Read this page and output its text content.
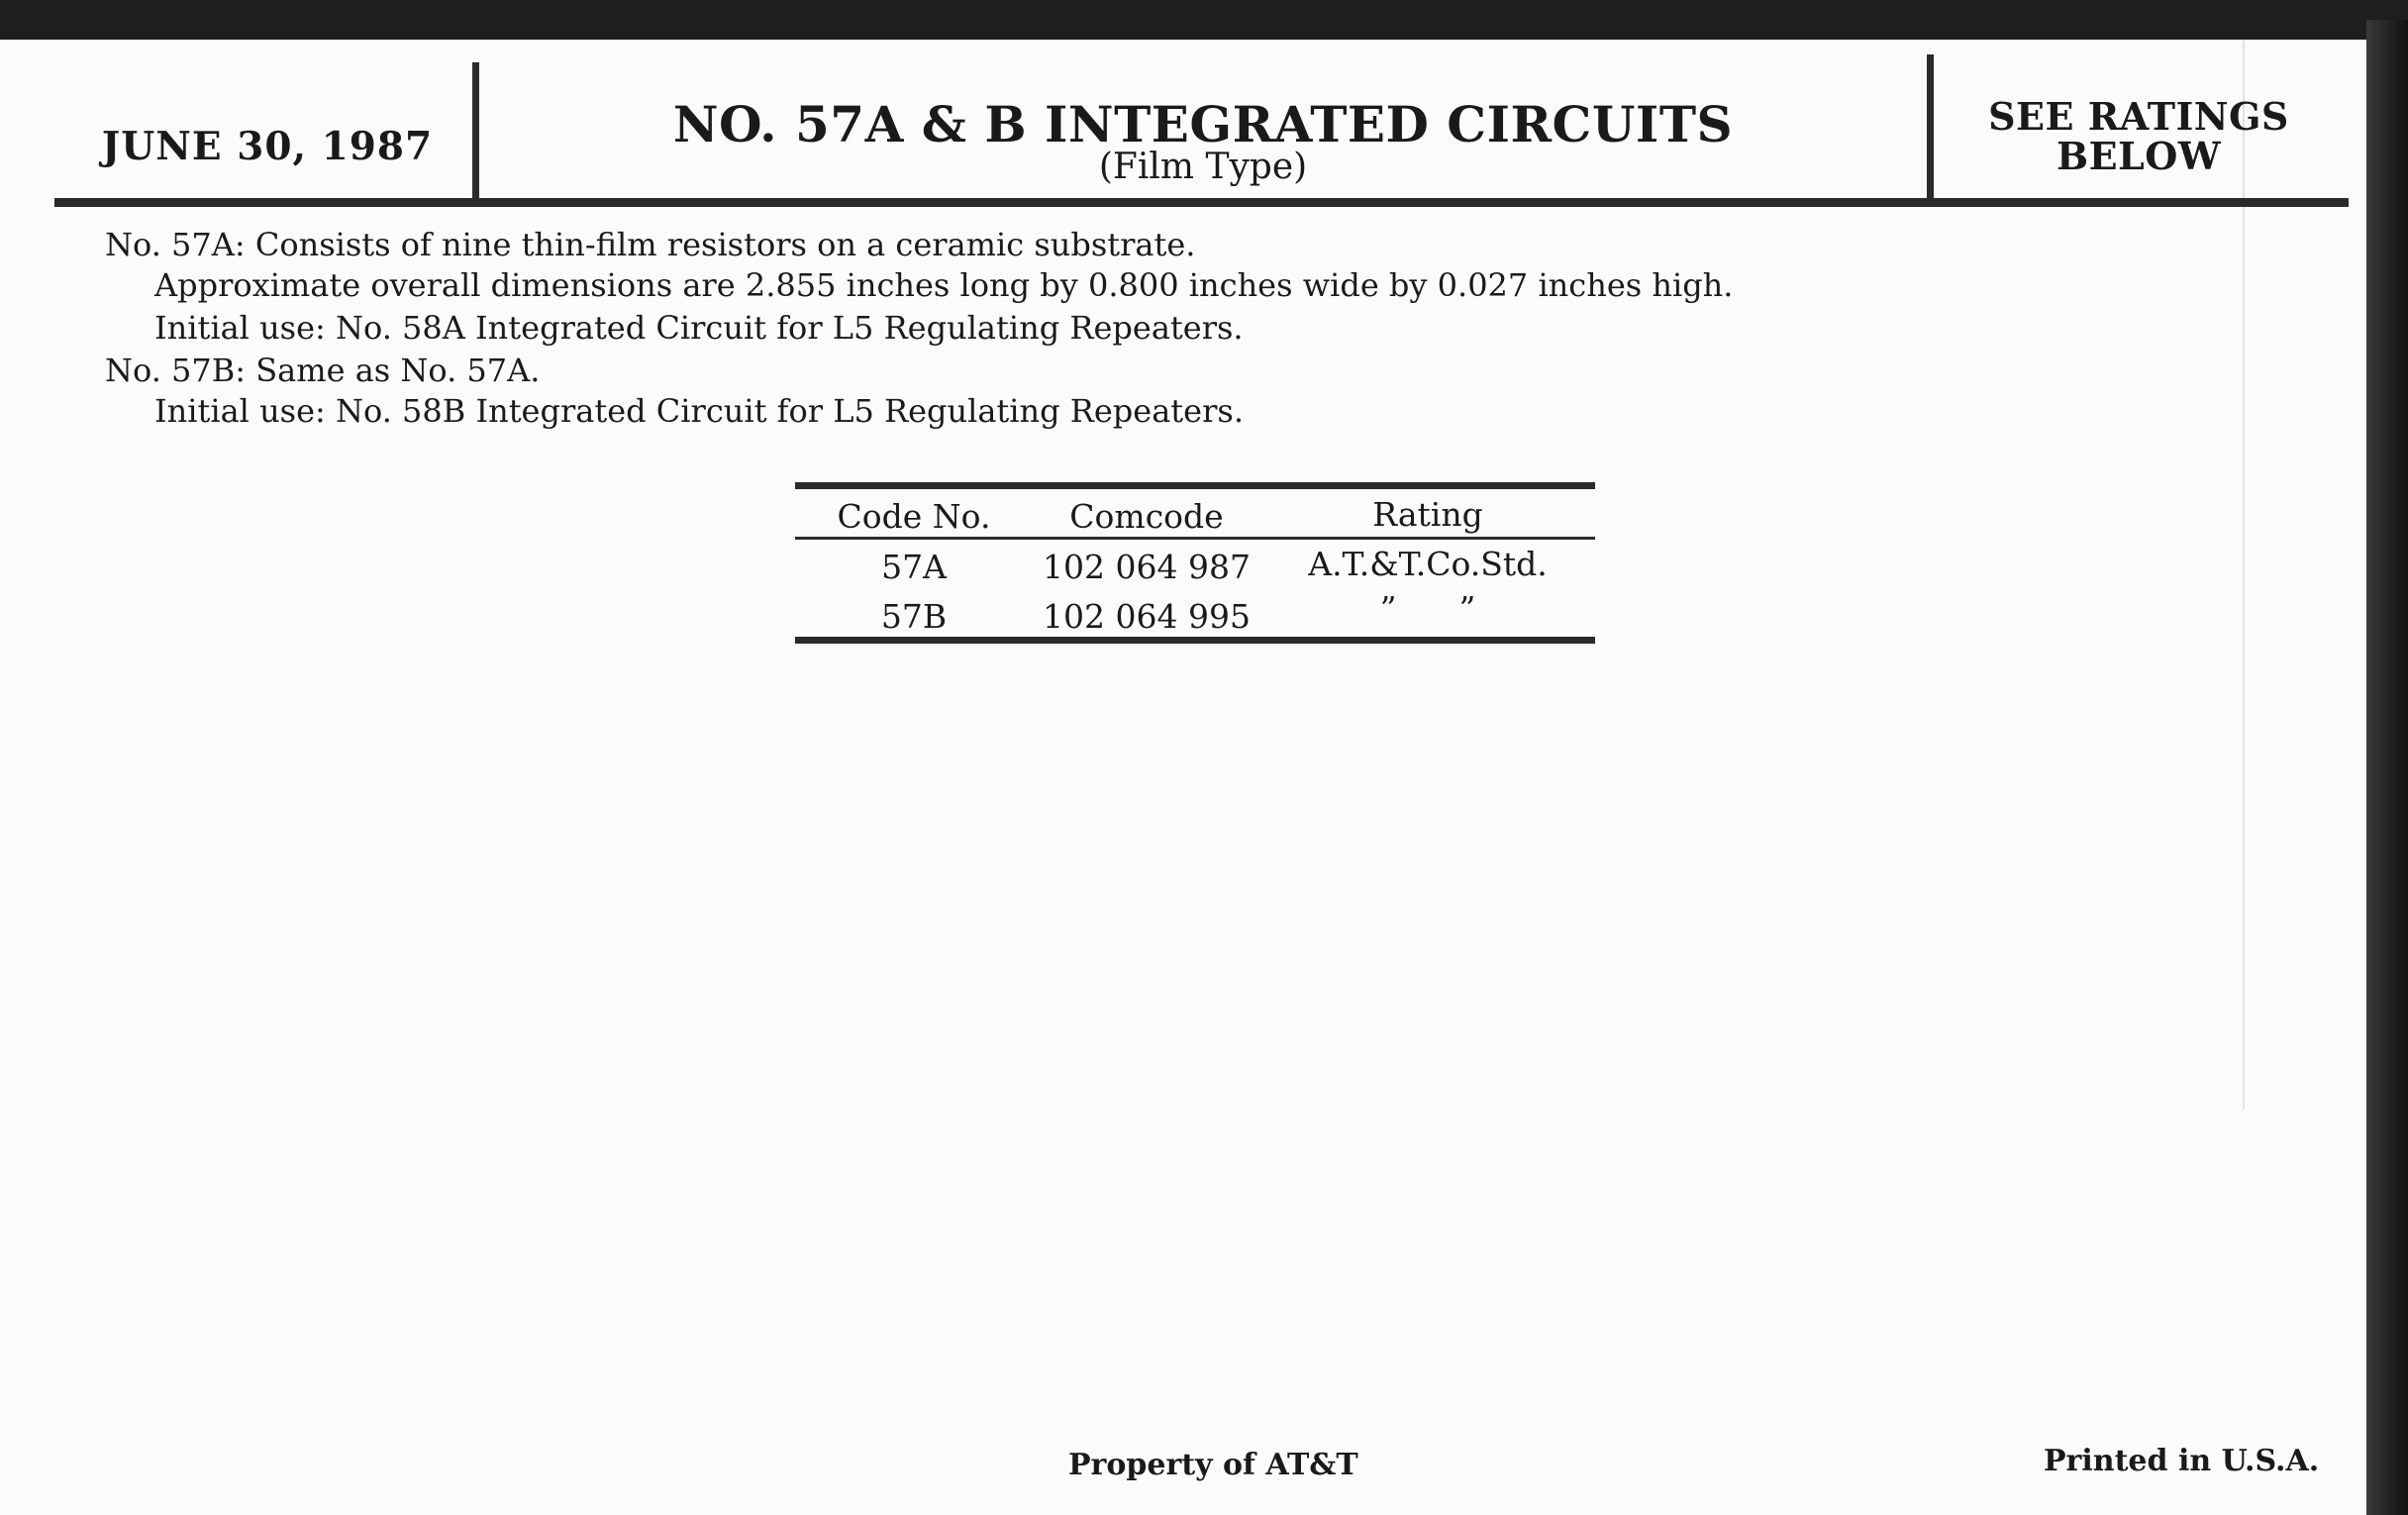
JUNE 30, 1987	NO. 57A & B INTEGRATED CIRCUITS
(Film Type)
SEE RATINGS
BELOW
No. 57A: Consists of nine thin-film resistors on a ceramic substrate.
Approximate overall dimensions are 2.855 inches long by 0.800 inches wide by 0.027 inches high.
Initial use: No. 58A Integrated Circuit for L5 Regulating Repeaters.
No. 57B: Same as No. 57A.
Initial use: No. 58B Integrated Circuit for L5 Regulating Repeaters.
Code No.	Comcode	Rating
57A	102 064 987	A.T.&T.Co.Std.
57B	102 064 995	”      ”
Property of AT&T	Printed in U.S.A.
